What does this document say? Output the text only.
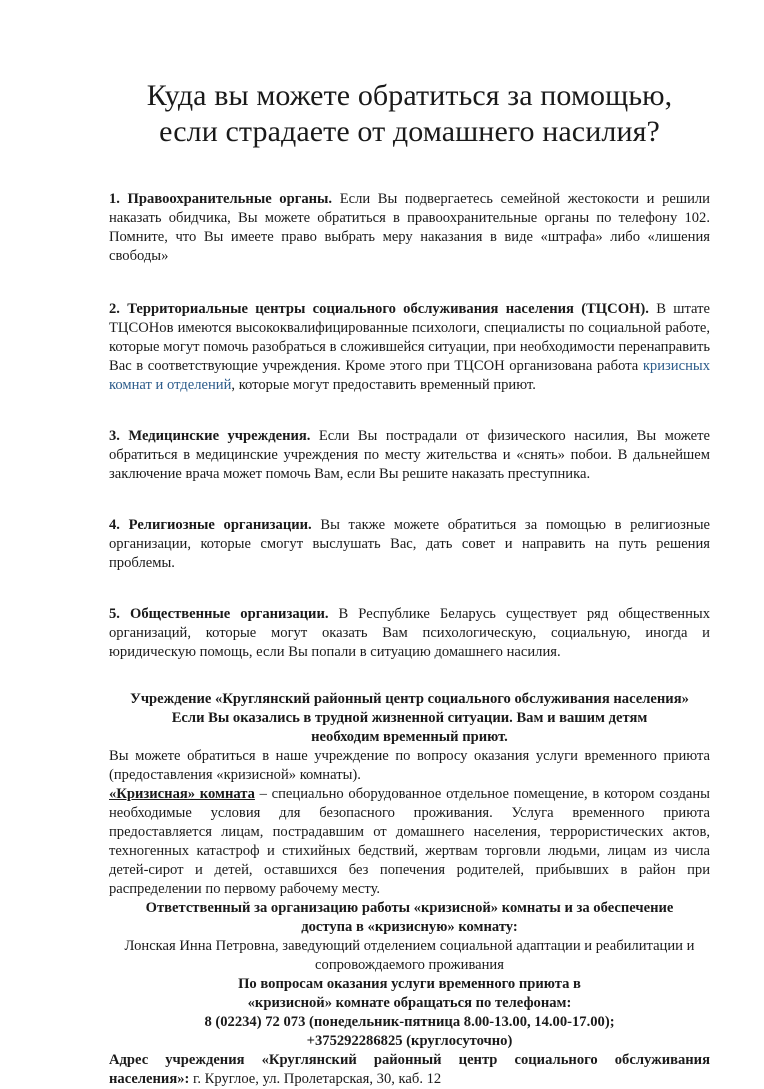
Куда вы можете обратиться за помощью,
если страдаете от домашнего насилия?

1. Правоохранительные органы. Если Вы подвергаетесь семейной жестокости и решили наказать обидчика, Вы можете обратиться в правоохранительные органы по телефону 102. Помните, что Вы имеете право выбрать меру наказания в виде «штрафа» либо «лишения свободы»

2. Территориальные центры социального обслуживания населения (ТЦСОН). В штате ТЦСОНов имеются высококвалифицированные психологи, специалисты по социальной работе, которые могут помочь разобраться в сложившейся ситуации, при необходимости перенаправить Вас в соответствующие учреждения. Кроме этого при ТЦСОН организована работа кризисных комнат и отделений, которые могут предоставить временный приют.

3. Медицинские учреждения. Если Вы пострадали от физического насилия, Вы можете обратиться в медицинские учреждения по месту жительства и «снять» побои. В дальнейшем заключение врача может помочь Вам, если Вы решите наказать преступника.

4. Религиозные организации. Вы также можете обратиться за помощью в религиозные организации, которые смогут выслушать Вас, дать совет и направить на путь решения проблемы.

5. Общественные организации. В Республике Беларусь существует ряд общественных организаций, которые могут оказать Вам психологическую, социальную, иногда и юридическую помощь, если Вы попали в ситуацию домашнего насилия.

Учреждение «Круглянский районный центр социального обслуживания населения»

Если Вы оказались в трудной жизненной ситуации. Вам и вашим детям необходим временный приют.

Вы можете обратиться в наше учреждение по вопросу оказания услуги временного приюта (предоставления «кризисной» комнаты).

«Кризисная» комната – специально оборудованное отдельное помещение, в котором созданы необходимые условия для безопасного проживания. Услуга временного приюта предоставляется лицам, пострадавшим от домашнего населения, террористических актов, техногенных катастроф и стихийных бедствий, жертвам торговли людьми, лицам из числа детей-сирот и детей, оставшихся без попечения родителей, прибывших в район при распределении по первому рабочему месту.

Ответственный за организацию работы «кризисной» комнаты и за обеспечение доступа в «кризисную» комнату:

Лонская Инна Петровна, заведующий отделением социальной адаптации и реабилитации и сопровождаемого проживания

По вопросам оказания услуги временного приюта в

«кризисной» комнате обращаться по телефонам:

8 (02234) 72 073 (понедельник-пятница 8.00-13.00, 14.00-17.00);

+375292286825 (круглосуточно)

Адрес учреждения «Круглянский районный центр социального обслуживания населения»: г. Круглое, ул. Пролетарская, 30, каб. 12
